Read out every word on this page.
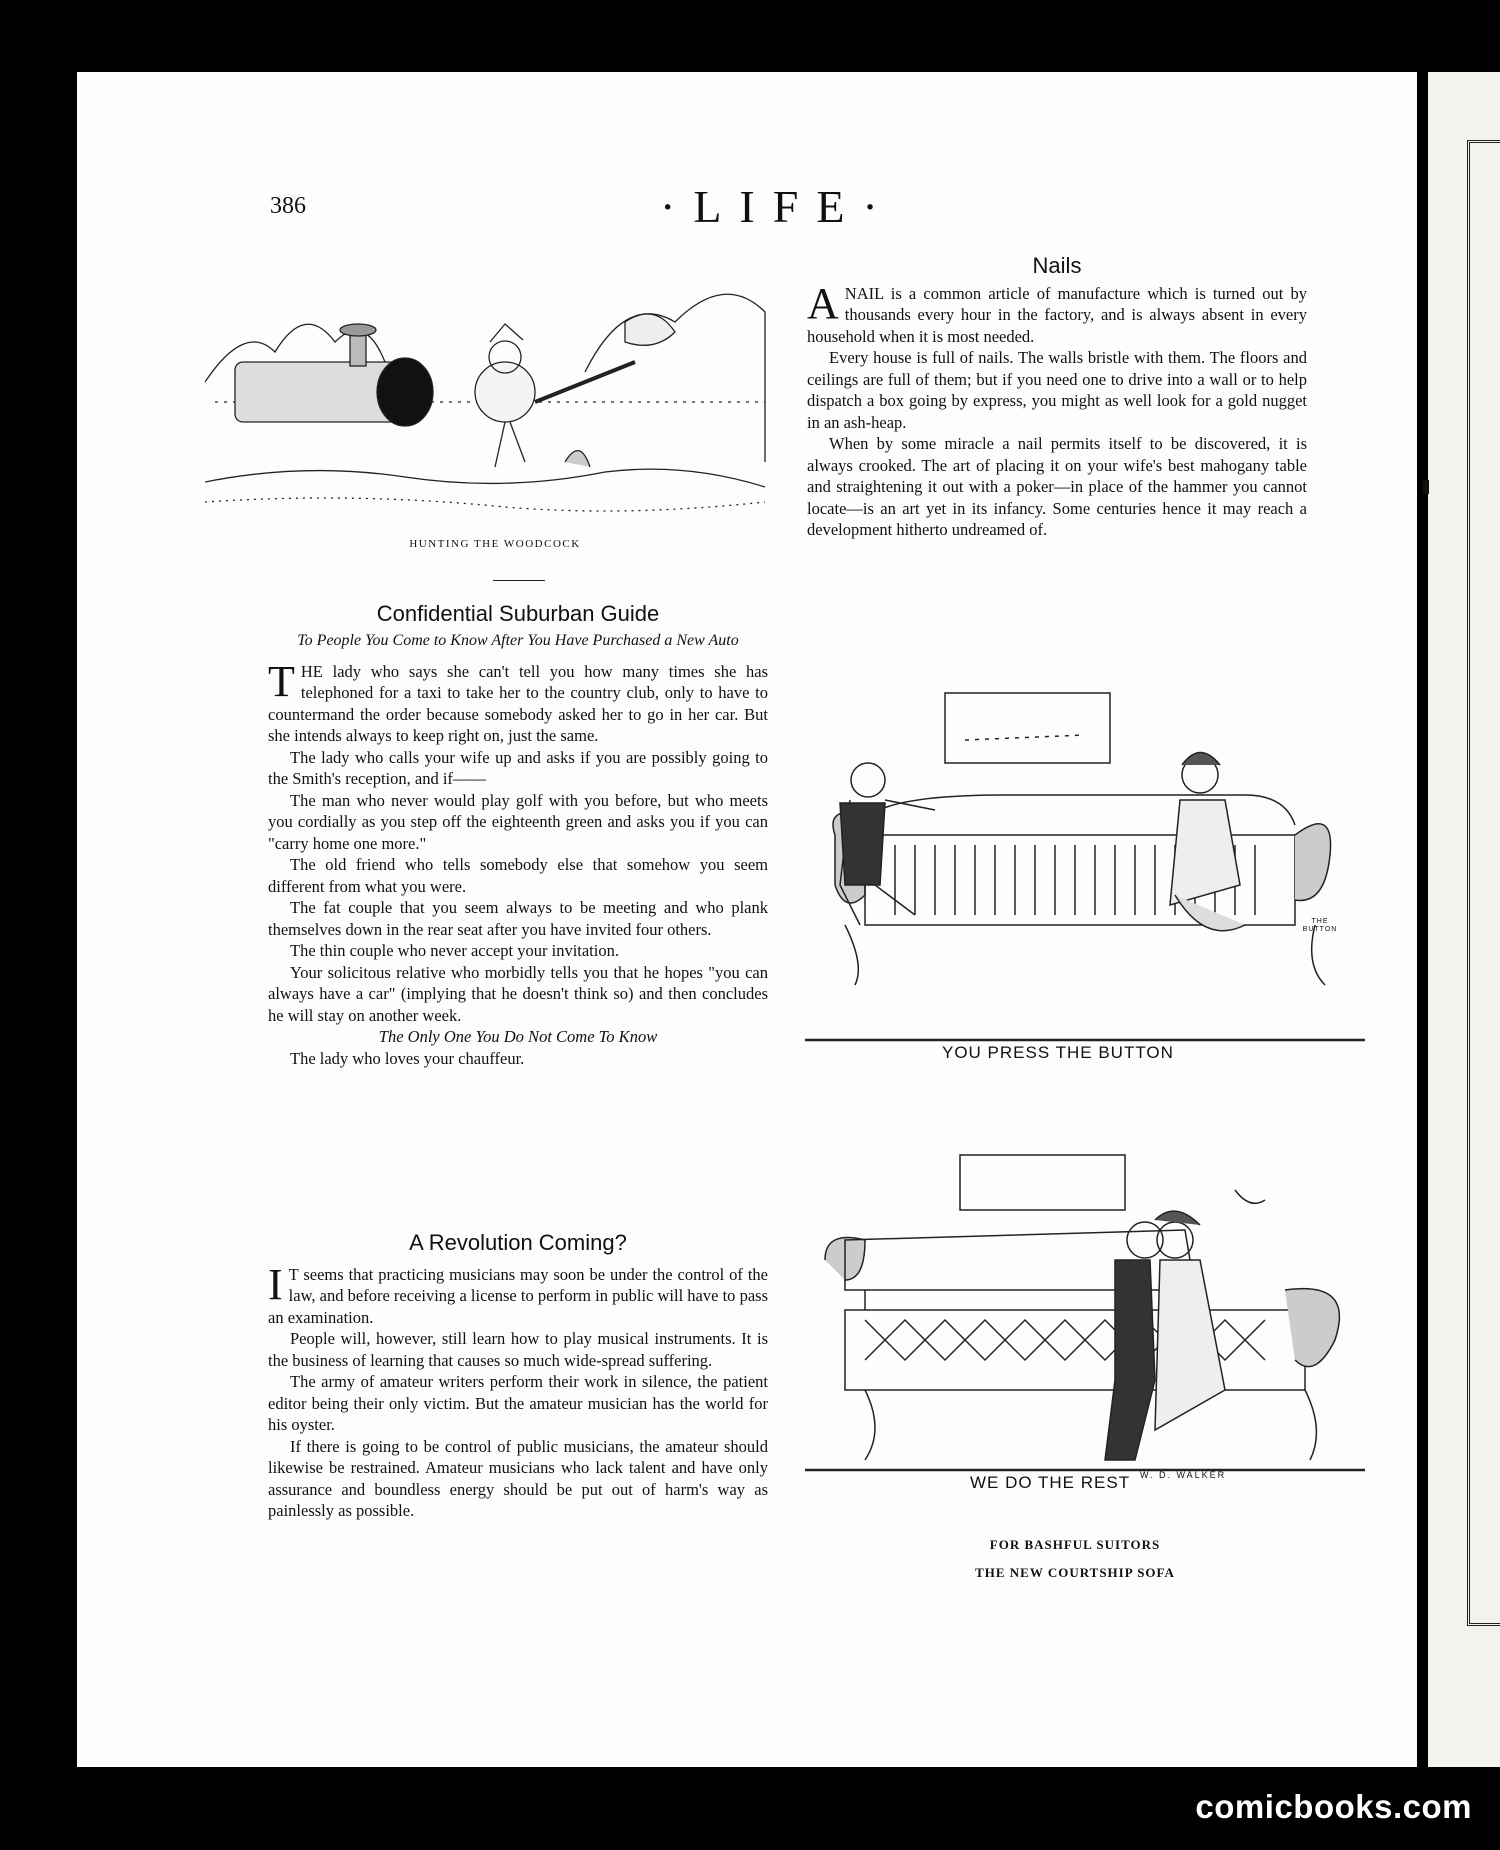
386	·LIFE·
HUNTING THE WOODCOCK
Confidential Suburban Guide
To People You Come to Know After You Have Purchased a New Auto

THE lady who says she can't tell you how many times she has telephoned for a taxi to take her to the country club, only to have to countermand the order because somebody asked her to go in her car. But she intends always to keep right on, just the same.

The lady who calls your wife up and asks if you are possibly going to the Smith's reception, and if——

The man who never would play golf with you before, but who meets you cordially as you step off the eighteenth green and asks you if you can "carry home one more."

The old friend who tells somebody else that somehow you seem different from what you were.

The fat couple that you seem always to be meeting and who plank themselves down in the rear seat after you have invited four others.

The thin couple who never accept your invitation.

Your solicitous relative who morbidly tells you that he hopes "you can always have a car" (implying that he doesn't think so) and then concludes he will stay on another week.

The Only One You Do Not Come To Know

The lady who loves your chauffeur.

A Revolution Coming?

I T seems that practicing musicians may soon be under the control of the law, and before receiving a license to perform in public will have to pass an examination.

People will, however, still learn how to play musical instruments. It is the business of learning that causes so much wide-spread suffering.

The army of amateur writers perform their work in silence, the patient editor being their only victim. But the amateur musician has the world for his oyster.

If there is going to be control of public musicians, the amateur should likewise be restrained. Amateur musicians who lack talent and have only assurance and boundless energy should be put out of harm's way as painlessly as possible.

Nails

ANAIL is a common article of manufacture which is turned out by thousands every hour in the factory, and is always absent in every household when it is most needed.

Every house is full of nails. The walls bristle with them. The floors and ceilings are full of them; but if you need one to drive into a wall or to help dispatch a box going by express, you might as well look for a gold nugget in an ash-heap.

When by some miracle a nail permits itself to be discovered, it is always crooked. The art of placing it on your wife's best mahogany table and straightening it out with a poker—in place of the hammer you cannot locate—is an art yet in its infancy. Some centuries hence it may reach a development hitherto undreamed of.

THE BUTTON
YOU PRESS THE BUTTON
WE DO THE REST W. D. WALKER
FOR BASHFUL SUITORS
THE NEW COURTSHIP SOFA
comicbooks.com
